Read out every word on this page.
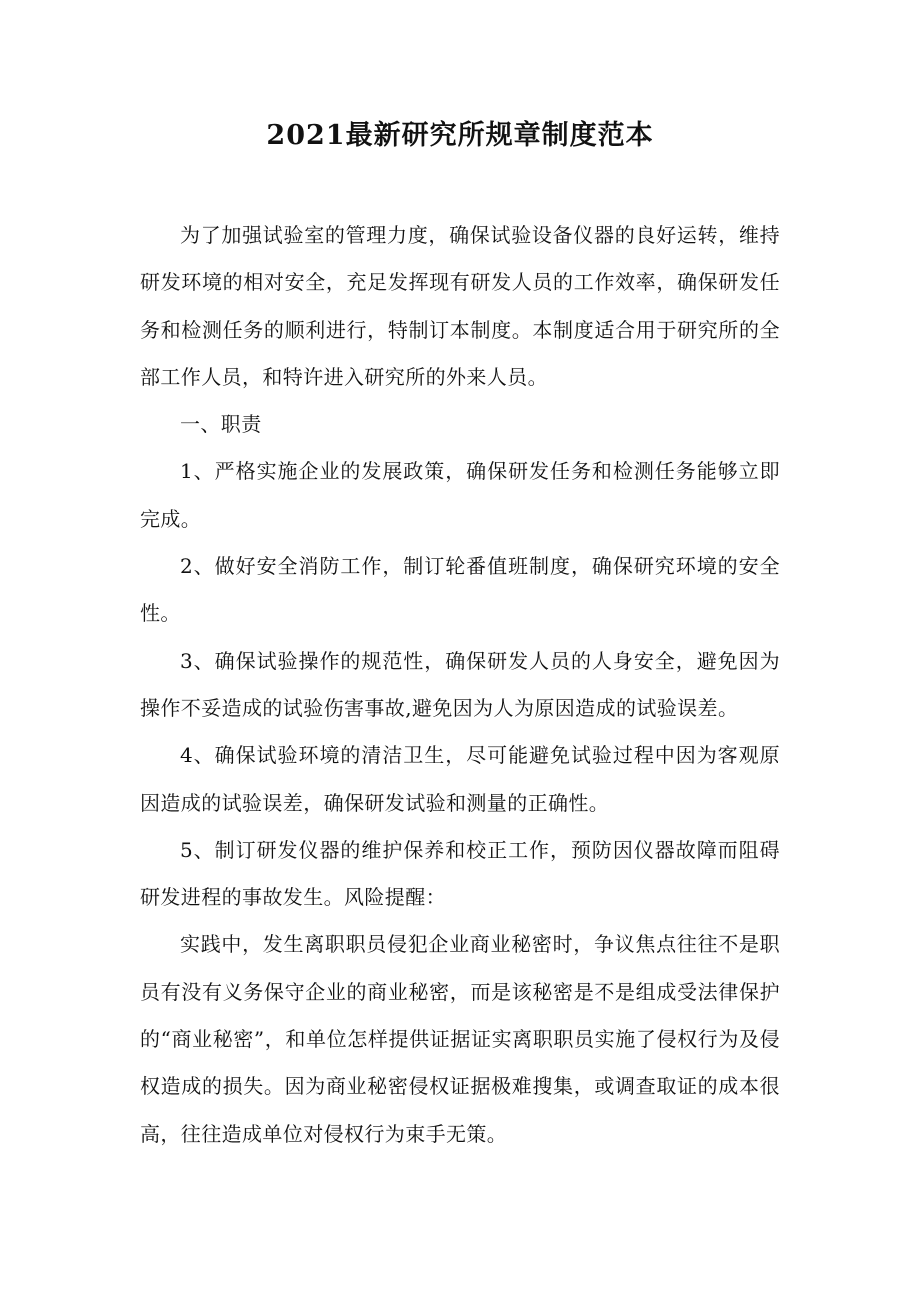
2021最新研究所规章制度范本

为了加强试验室的管理力度，确保试验设备仪器的良好运转，维持研发环境的相对安全，充足发挥现有研发人员的工作效率，确保研发任务和检测任务的顺利进行，特制订本制度。本制度适合用于研究所的全部工作人员，和特许进入研究所的外来人员。

一、职责

1、严格实施企业的发展政策，确保研发任务和检测任务能够立即完成。

2、做好安全消防工作，制订轮番值班制度，确保研究环境的安全性。

3、确保试验操作的规范性，确保研发人员的人身安全，避免因为操作不妥造成的试验伤害事故,避免因为人为原因造成的试验误差。

4、确保试验环境的清洁卫生，尽可能避免试验过程中因为客观原因造成的试验误差，确保研发试验和测量的正确性。

5、制订研发仪器的维护保养和校正工作，预防因仪器故障而阻碍研发进程的事故发生。风险提醒：

实践中，发生离职职员侵犯企业商业秘密时，争议焦点往往不是职员有没有义务保守企业的商业秘密，而是该秘密是不是组成受法律保护的“商业秘密”，和单位怎样提供证据证实离职职员实施了侵权行为及侵权造成的损失。因为商业秘密侵权证据极难搜集，或调查取证的成本很高，往往造成单位对侵权行为束手无策。
